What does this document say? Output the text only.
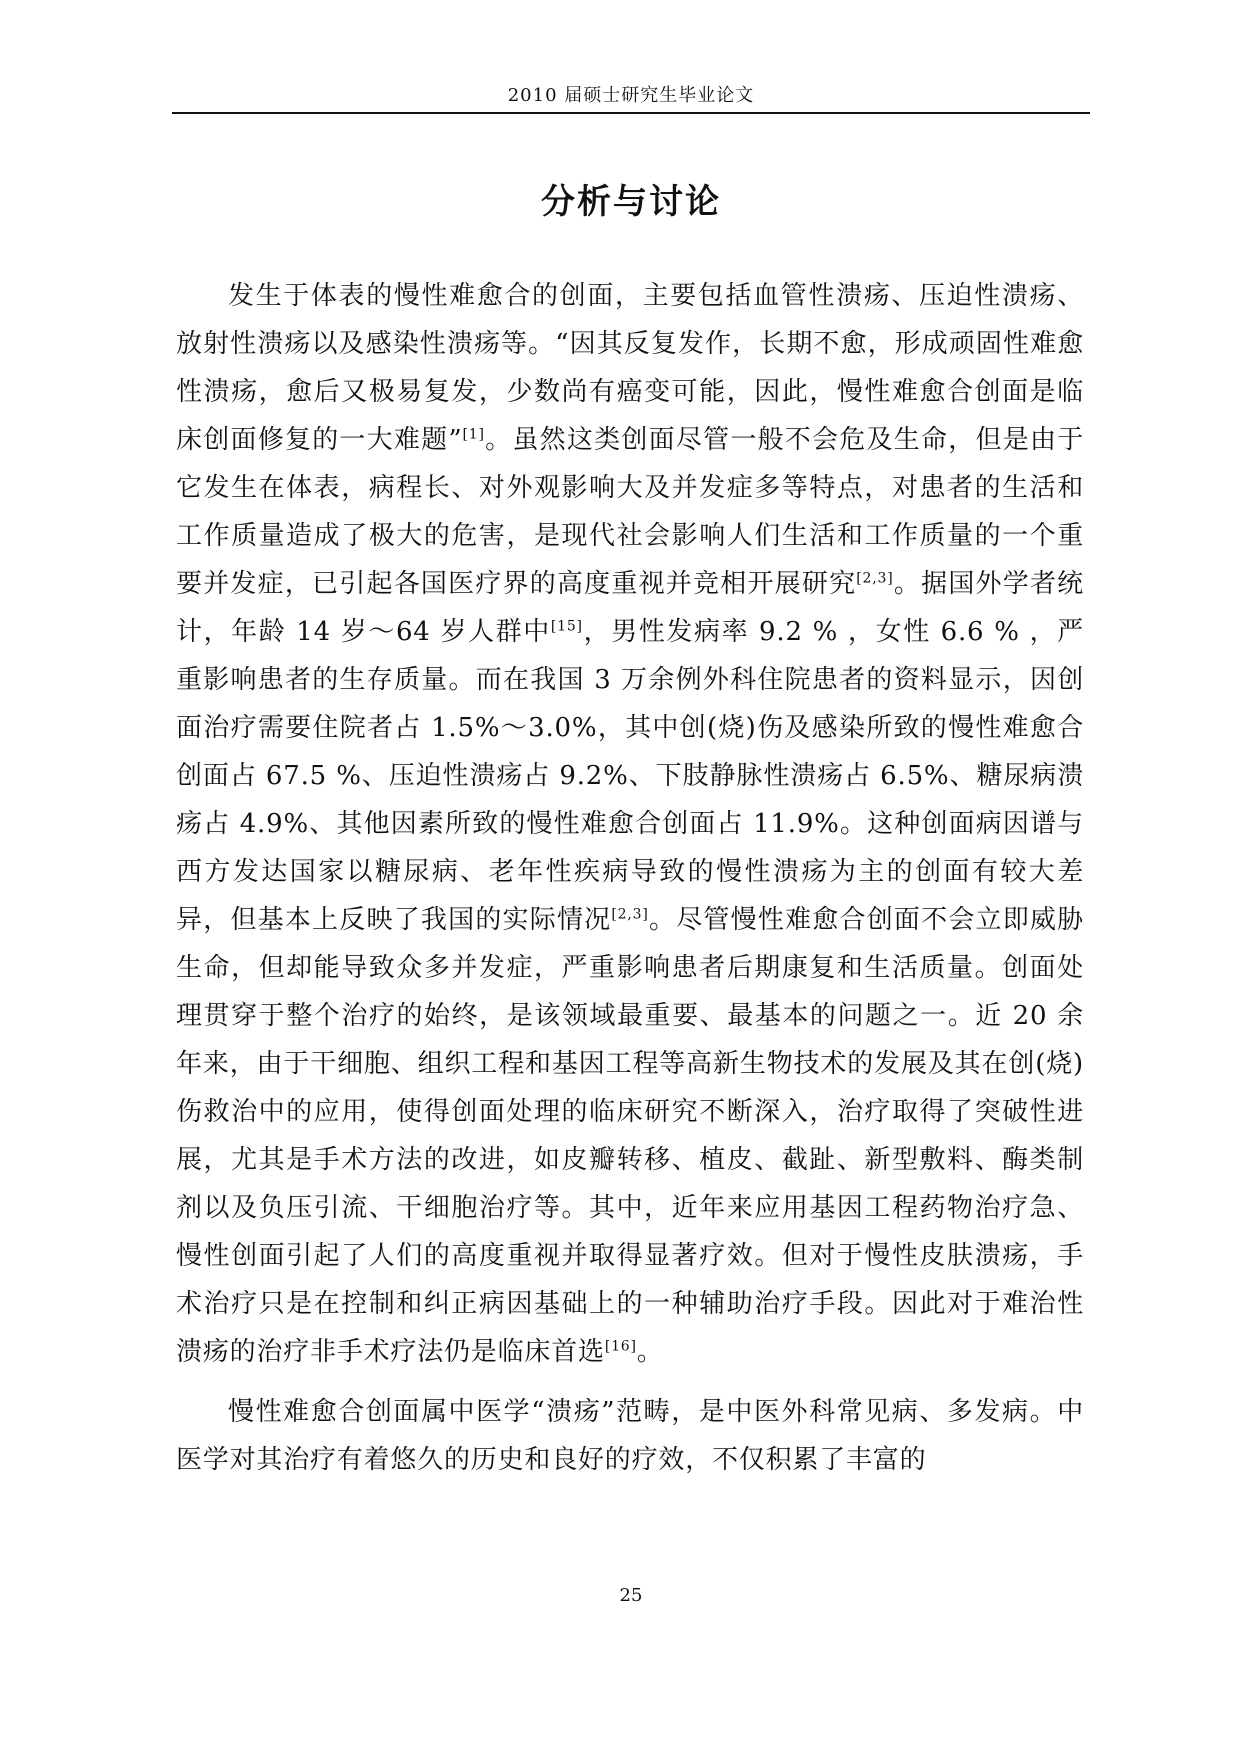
2010 届硕士研究生毕业论文
分析与讨论

发生于体表的慢性难愈合的创面，主要包括血管性溃疡、压迫性溃疡、放射性溃疡以及感染性溃疡等。“因其反复发作，长期不愈，形成顽固性难愈性溃疡，愈后又极易复发，少数尚有癌变可能，因此，慢性难愈合创面是临床创面修复的一大难题”[1]。虽然这类创面尽管一般不会危及生命，但是由于它发生在体表，病程长、对外观影响大及并发症多等特点，对患者的生活和工作质量造成了极大的危害，是现代社会影响人们生活和工作质量的一个重要并发症，已引起各国医疗界的高度重视并竞相开展研究[2,3]。据国外学者统计，年龄 14 岁～64 岁人群中[15]，男性发病率 9.2 % ，女性 6.6 % ，严重影响患者的生存质量。而在我国 3 万余例外科住院患者的资料显示，因创面治疗需要住院者占 1.5%～3.0%，其中创(烧)伤及感染所致的慢性难愈合创面占 67.5 %、压迫性溃疡占 9.2%、下肢静脉性溃疡占 6.5%、糖尿病溃疡占 4.9%、其他因素所致的慢性难愈合创面占 11.9%。这种创面病因谱与西方发达国家以糖尿病、老年性疾病导致的慢性溃疡为主的创面有较大差异，但基本上反映了我国的实际情况[2,3]。尽管慢性难愈合创面不会立即威胁生命，但却能导致众多并发症，严重影响患者后期康复和生活质量。创面处理贯穿于整个治疗的始终，是该领域最重要、最基本的问题之一。近 20 余年来，由于干细胞、组织工程和基因工程等高新生物技术的发展及其在创(烧)伤救治中的应用，使得创面处理的临床研究不断深入，治疗取得了突破性进展，尤其是手术方法的改进，如皮瓣转移、植皮、截趾、新型敷料、酶类制剂以及负压引流、干细胞治疗等。其中，近年来应用基因工程药物治疗急、慢性创面引起了人们的高度重视并取得显著疗效。但对于慢性皮肤溃疡，手术治疗只是在控制和纠正病因基础上的一种辅助治疗手段。因此对于难治性溃疡的治疗非手术疗法仍是临床首选[16]。

慢性难愈合创面属中医学“溃疡”范畴，是中医外科常见病、多发病。中医学对其治疗有着悠久的历史和良好的疗效，不仅积累了丰富的

25
